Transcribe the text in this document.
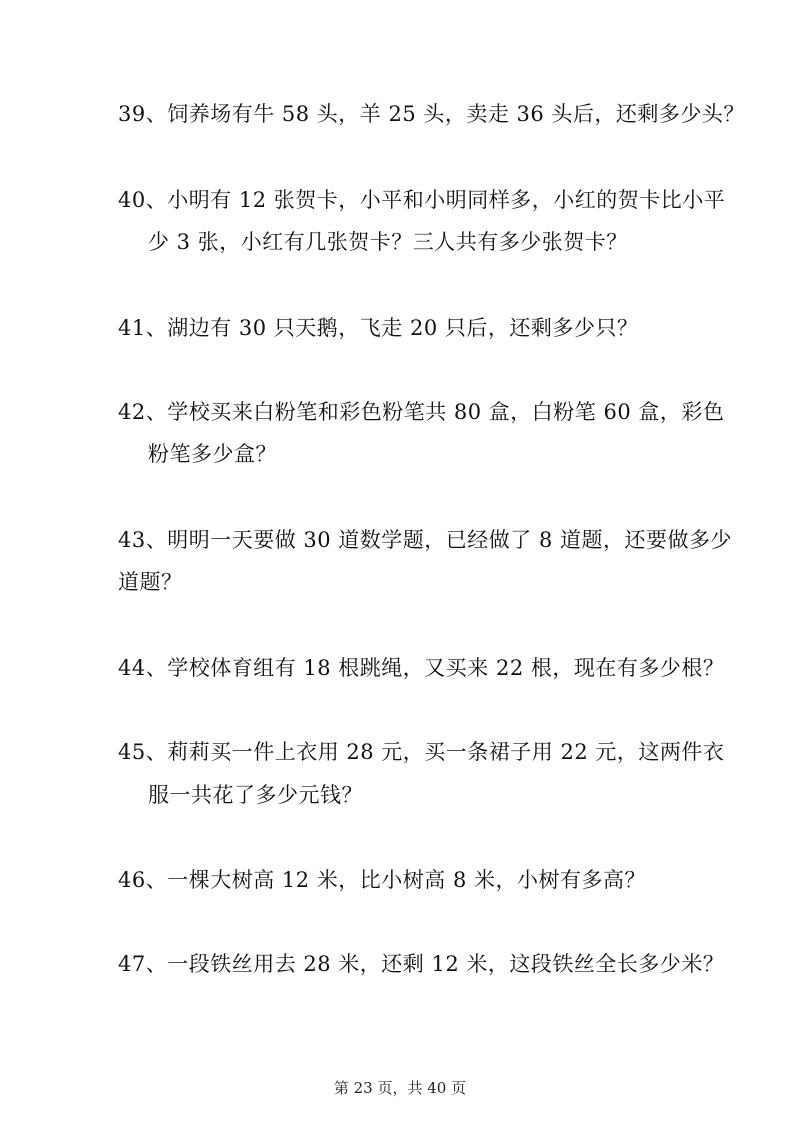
39、饲养场有牛 58 头，羊 25 头，卖走 36 头后，还剩多少头？
40、小明有 12 张贺卡，小平和小明同样多，小红的贺卡比小平
少 3 张，小红有几张贺卡？三人共有多少张贺卡？
41、湖边有 30 只天鹅，飞走 20 只后，还剩多少只？
42、学校买来白粉笔和彩色粉笔共 80 盒，白粉笔 60 盒，彩色
粉笔多少盒？
43、明明一天要做 30 道数学题，已经做了 8 道题，还要做多少
道题？
44、学校体育组有 18 根跳绳，又买来 22 根，现在有多少根？
45、莉莉买一件上衣用 28 元，买一条裙子用 22 元，这两件衣
服一共花了多少元钱？
46、一棵大树高 12 米，比小树高 8 米，小树有多高？
47、一段铁丝用去 28 米，还剩 12 米，这段铁丝全长多少米？
第 23 页，共 40 页
